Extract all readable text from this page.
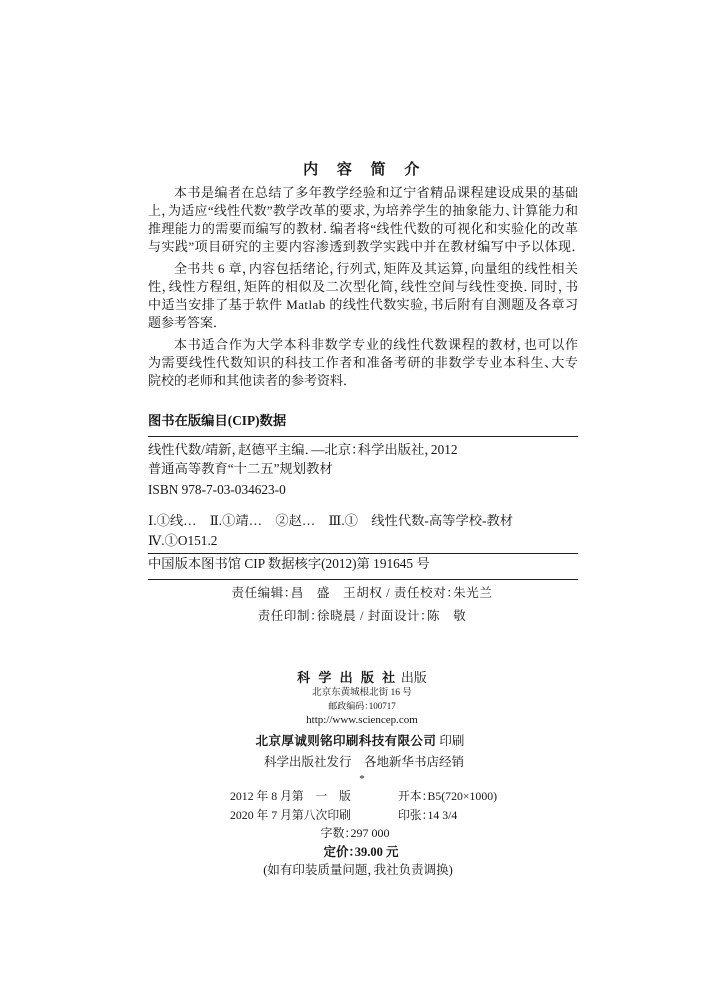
内 容 简 介
本书是编者在总结了多年教学经验和辽宁省精品课程建设成果的基础
上，为适应“线性代数”教学改革的要求，为培养学生的抽象能力、计算能力和
推理能力的需要而编写的教材．编者将“线性代数的可视化和实验化的改革
与实践”项目研究的主要内容渗透到教学实践中并在教材编写中予以体现．
全书共 6 章，内容包括绪论，行列式，矩阵及其运算，向量组的线性相关
性，线性方程组，矩阵的相似及二次型化简，线性空间与线性变换．同时，书
中适当安排了基于软件 Matlab 的线性代数实验，书后附有自测题及各章习
题参考答案．
本书适合作为大学本科非数学专业的线性代数课程的教材，也可以作
为需要线性代数知识的科技工作者和准备考研的非数学专业本科生、大专
院校的老师和其他读者的参考资料．
图书在版编目(CIP)数据
线性代数/靖新，赵德平主编．—北京：科学出版社，2012
普通高等教育“十二五”规划教材
ISBN 978-7-03-034623-0
Ⅰ.①线…　Ⅱ.①靖…　②赵…　Ⅲ.①　线性代数-高等学校-教材
Ⅳ.①O151.2
中国版本图书馆 CIP 数据核字(2012)第 191645 号
责任编辑：昌　盛　王胡权 / 责任校对：朱光兰
责任印制：徐晓晨 / 封面设计：陈　敬
科 学 出 版 社 出版
北京东黄城根北街 16 号
邮政编码：100717
http://www.sciencep.com
北京厚诚则铭印刷科技有限公司 印刷
科学出版社发行　各地新华书店经销
*
2012 年 8 月第　一　版	开本：B5(720×1000)
2020 年 7 月第八次印刷	印张：14 3/4
字数：297 000
定价：39.00 元
(如有印装质量问题，我社负责调换)
